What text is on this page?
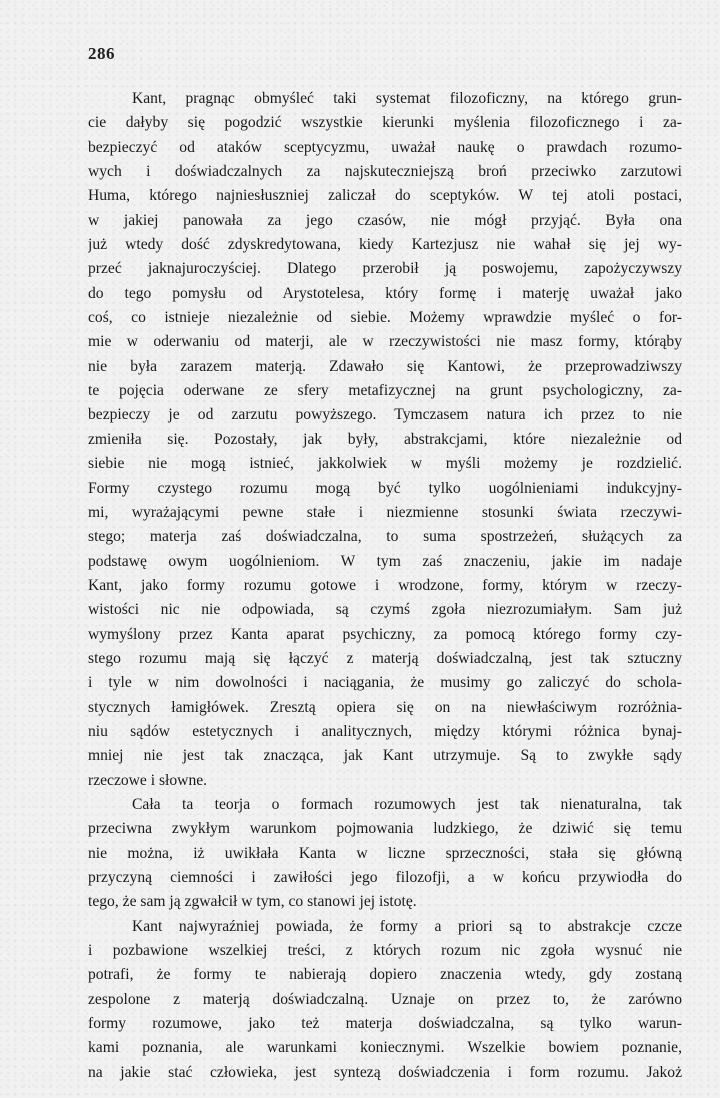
286
Kant, pragnąc obmyśleć taki systemat filozoficzny, na którego grun-
cie dałyby się pogodzić wszystkie kierunki myślenia filozoficznego i za-
bezpieczyć od ataków sceptycyzmu, uważał naukę o prawdach rozumo-
wych i doświadczalnych za najskuteczniejszą broń przeciwko zarzutowi
Huma, którego najniesłuszniej zaliczał do sceptyków. W tej atoli postaci,
w jakiej panowała za jego czasów, nie mógł przyjąć. Była ona
już wtedy dość zdyskredytowana, kiedy Kartezjusz nie wahał się jej wy-
przeć jaknajuroczyściej. Dlatego przerobił ją poswojemu, zapożyczywszy
do tego pomysłu od Arystotelesa, który formę i materję uważał jako
coś, co istnieje niezależnie od siebie. Możemy wprawdzie myśleć o for-
mie w oderwaniu od materji, ale w rzeczywistości nie masz formy, którąby
nie była zarazem materją. Zdawało się Kantowi, że przeprowadziwszy
te pojęcia oderwane ze sfery metafizycznej na grunt psychologiczny, za-
bezpieczy je od zarzutu powyższego. Tymczasem natura ich przez to nie
zmieniła się. Pozostały, jak były, abstrakcjami, które niezależnie od
siebie nie mogą istnieć, jakkolwiek w myśli możemy je rozdzielić.
Formy czystego rozumu mogą być tylko uogólnieniami indukcyjny-
mi, wyrażającymi pewne stałe i niezmienne stosunki świata rzeczywi-
stego; materja zaś doświadczalna, to suma spostrzeżeń, służących za
podstawę owym uogólnieniom. W tym zaś znaczeniu, jakie im nadaje
Kant, jako formy rozumu gotowe i wrodzone, formy, którym w rzeczy-
wistości nic nie odpowiada, są czymś zgoła niezrozumiałym. Sam już
wymyślony przez Kanta aparat psychiczny, za pomocą którego formy czy-
stego rozumu mają się łączyć z materją doświadczalną, jest tak sztuczny
i tyle w nim dowolności i naciągania, że musimy go zaliczyć do schola-
stycznych łamigłówek. Zresztą opiera się on na niewłaściwym rozróżnia-
niu sądów estetycznych i analitycznych, między którymi różnica bynaj-
mniej nie jest tak znacząca, jak Kant utrzymuje. Są to zwykłe sądy
rzeczowe i słowne.
Cała ta teorja o formach rozumowych jest tak nienaturalna, tak
przeciwna zwykłym warunkom pojmowania ludzkiego, że dziwić się temu
nie można, iż uwikłała Kanta w liczne sprzeczności, stała się główną
przyczyną ciemności i zawiłości jego filozofji, a w końcu przywiodła do
tego, że sam ją zgwałcił w tym, co stanowi jej istotę.
Kant najwyraźniej powiada, że formy a priori są to abstrakcje czcze
i pozbawione wszelkiej treści, z których rozum nic zgoła wysnuć nie
potrafi, że formy te nabierają dopiero znaczenia wtedy, gdy zostaną
zespolone z materją doświadczalną. Uznaje on przez to, że zarówno
formy rozumowe, jako też materja doświadczalna, są tylko warun-
kami poznania, ale warunkami koniecznymi. Wszelkie bowiem poznanie,
na jakie stać człowieka, jest syntezą doświadczenia i form rozumu. Jakoż
